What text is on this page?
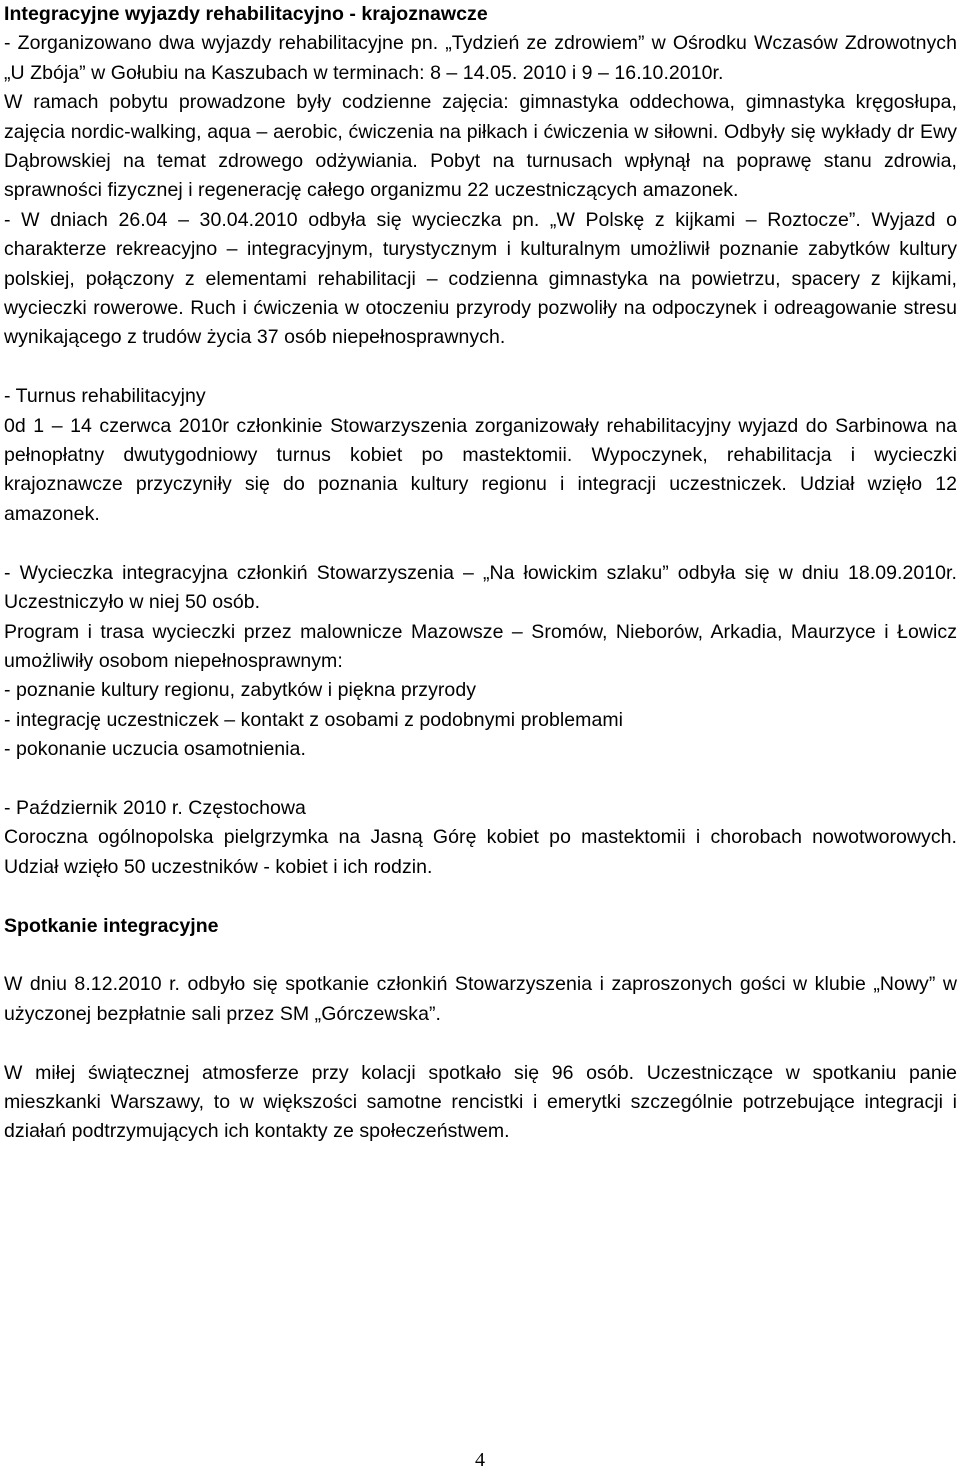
Integracyjne wyjazdy rehabilitacyjno - krajoznawcze

- Zorganizowano dwa wyjazdy rehabilitacyjne pn. „Tydzień ze zdrowiem” w Ośrodku Wczasów Zdrowotnych „U Zbója” w Gołubiu na Kaszubach w terminach: 8 – 14.05. 2010 i 9 – 16.10.2010r.

W ramach pobytu prowadzone były codzienne zajęcia: gimnastyka oddechowa, gimnastyka kręgosłupa, zajęcia nordic-walking, aqua – aerobic, ćwiczenia na piłkach i ćwiczenia w siłowni. Odbyły się wykłady dr Ewy Dąbrowskiej na temat zdrowego odżywiania. Pobyt na turnusach wpłynął na poprawę stanu zdrowia, sprawności fizycznej i regenerację całego organizmu 22 uczestniczących amazonek.

- W dniach 26.04 – 30.04.2010 odbyła się wycieczka pn. „W Polskę z kijkami – Roztocze”. Wyjazd o charakterze rekreacyjno – integracyjnym, turystycznym i kulturalnym umożliwił poznanie zabytków kultury polskiej, połączony z elementami rehabilitacji – codzienna gimnastyka na powietrzu, spacery z kijkami, wycieczki rowerowe. Ruch i ćwiczenia w otoczeniu przyrody pozwoliły na odpoczynek i odreagowanie stresu wynikającego z trudów życia 37 osób niepełnosprawnych.

- Turnus rehabilitacyjny

0d 1 – 14 czerwca 2010r członkinie Stowarzyszenia zorganizowały rehabilitacyjny wyjazd do Sarbinowa na pełnopłatny dwutygodniowy turnus kobiet po mastektomii. Wypoczynek, rehabilitacja i wycieczki krajoznawcze przyczyniły się do poznania kultury regionu i integracji uczestniczek. Udział wzięło 12 amazonek.

- Wycieczka integracyjna członkiń Stowarzyszenia – „Na łowickim szlaku” odbyła się w dniu 18.09.2010r. Uczestniczyło w niej 50 osób.

Program i trasa wycieczki przez malownicze Mazowsze – Sromów, Nieborów, Arkadia, Maurzyce i Łowicz umożliwiły osobom niepełnosprawnym:

- poznanie kultury regionu, zabytków i piękna przyrody

- integrację uczestniczek – kontakt z osobami z podobnymi problemami

- pokonanie uczucia osamotnienia.

- Październik 2010 r. Częstochowa

Coroczna ogólnopolska pielgrzymka na Jasną Górę kobiet po mastektomii i chorobach nowotworowych. Udział wzięło 50 uczestników - kobiet i ich rodzin.

Spotkanie integracyjne

W dniu 8.12.2010 r. odbyło się spotkanie członkiń Stowarzyszenia i zaproszonych gości w klubie „Nowy” w użyczonej bezpłatnie sali przez SM „Górczewska”.

W miłej świątecznej atmosferze przy kolacji spotkało się 96 osób. Uczestniczące w spotkaniu panie mieszkanki Warszawy, to w większości samotne rencistki i emerytki szczególnie potrzebujące integracji i działań podtrzymujących ich kontakty ze społeczeństwem.

4
